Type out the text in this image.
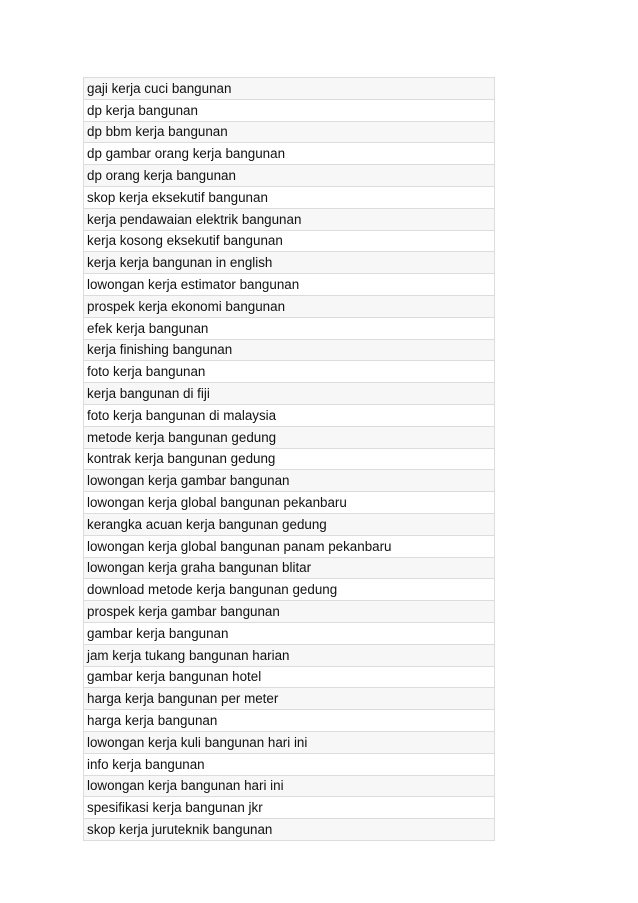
gaji kerja cuci bangunan
dp kerja bangunan
dp bbm kerja bangunan
dp gambar orang kerja bangunan
dp orang kerja bangunan
skop kerja eksekutif bangunan
kerja pendawaian elektrik bangunan
kerja kosong eksekutif bangunan
kerja kerja bangunan in english
lowongan kerja estimator bangunan
prospek kerja ekonomi bangunan
efek kerja bangunan
kerja finishing bangunan
foto kerja bangunan
kerja bangunan di fiji
foto kerja bangunan di malaysia
metode kerja bangunan gedung
kontrak kerja bangunan gedung
lowongan kerja gambar bangunan
lowongan kerja global bangunan pekanbaru
kerangka acuan kerja bangunan gedung
lowongan kerja global bangunan panam pekanbaru
lowongan kerja graha bangunan blitar
download metode kerja bangunan gedung
prospek kerja gambar bangunan
gambar kerja bangunan
jam kerja tukang bangunan harian
gambar kerja bangunan hotel
harga kerja bangunan per meter
harga kerja bangunan
lowongan kerja kuli bangunan hari ini
info kerja bangunan
lowongan kerja bangunan hari ini
spesifikasi kerja bangunan jkr
skop kerja juruteknik bangunan
